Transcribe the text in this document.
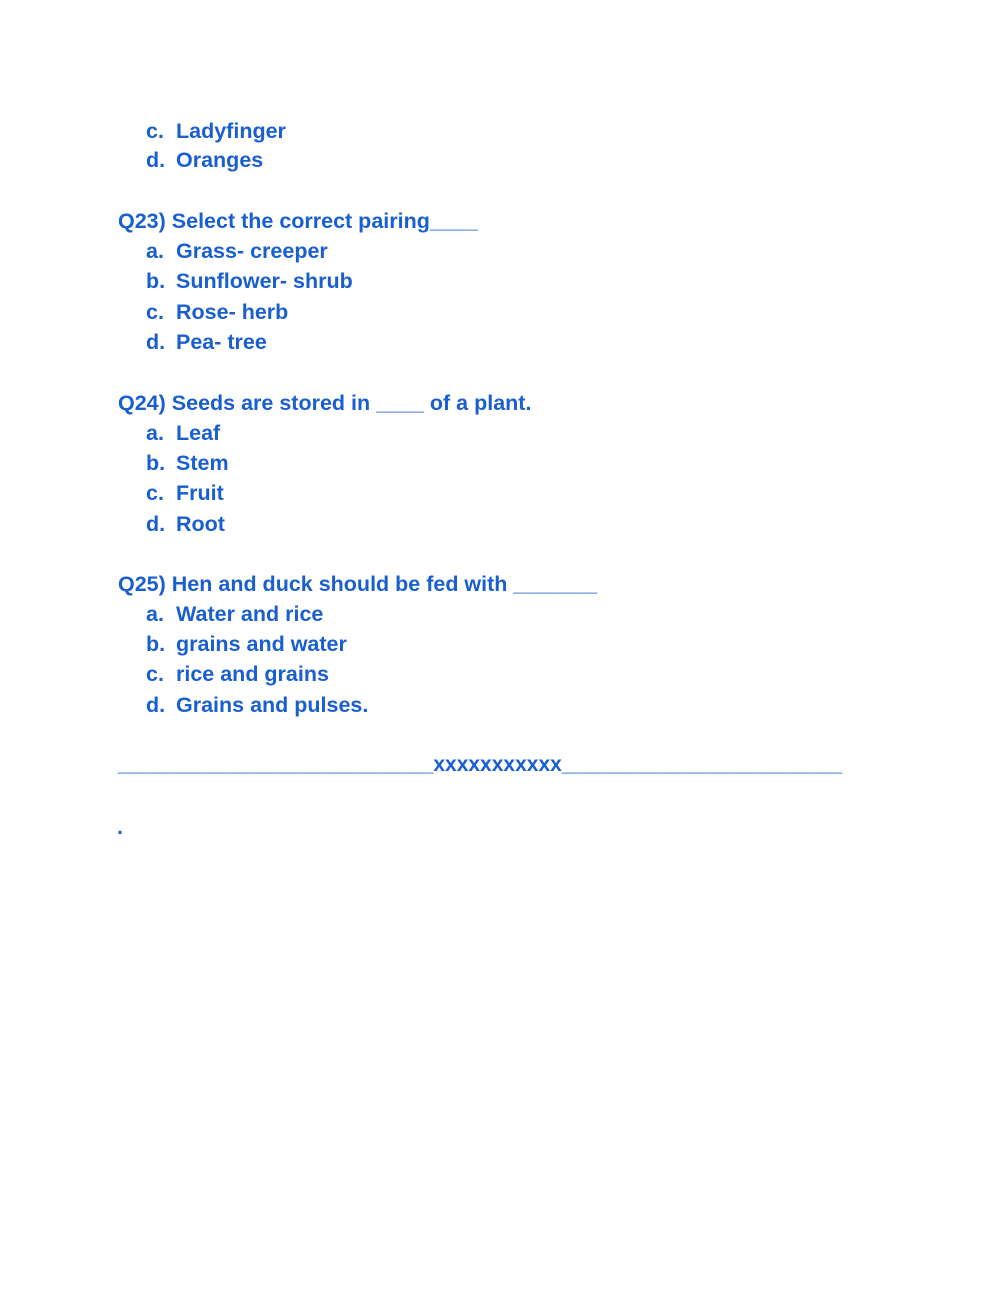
c. Ladyfinger
d. Oranges
Q23) Select the correct pairing____
a. Grass- creeper
b. Sunflower- shrub
c. Rose- herb
d. Pea- tree
Q24) Seeds are stored in ____ of a plant.
a. Leaf
b. Stem
c. Fruit
d. Root
Q25) Hen and duck should be fed with _______
a. Water and rice
b. grains and water
c. rice and grains
d. Grains and pulses.
___________________________xxxxxxxxxxx________________________
.
